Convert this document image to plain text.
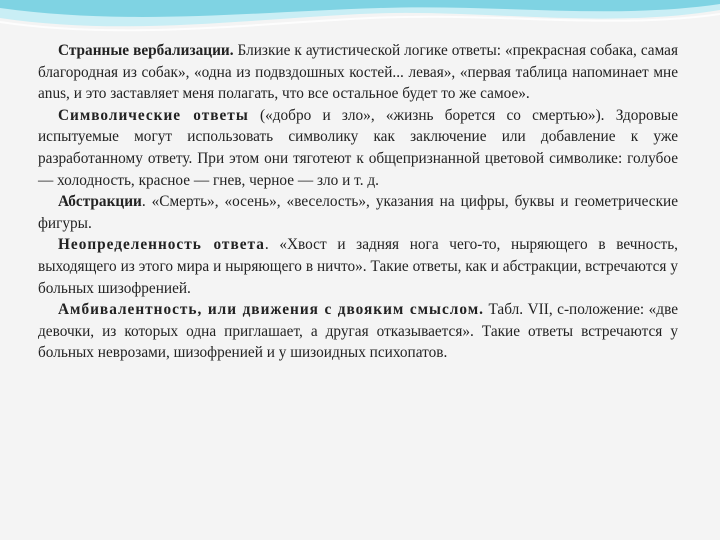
Странные вербализации. Близкие к аутистической логике ответы: «прекрасная собака, самая благородная из собак», «одна из подвздошных костей... левая», «первая таблица напоминает мне anus, и это заставляет меня полагать, что все остальное будет то же самое».

Символические ответы («добро и зло», «жизнь борется со смертью»). Здоровые испытуемые могут использовать символику как заключение или добавление к уже разработанному ответу. При этом они тяготеют к общепризнанной цветовой символике: голубое — холодность, красное — гнев, черное — зло и т. д.

Абстракции. «Смерть», «осень», «веселость», указания на цифры, буквы и геометрические фигуры.

Неопределенность ответа. «Хвост и задняя нога чего-то, ныряющего в вечность, выходящего из этого мира и ныряющего в ничто». Такие ответы, как и абстракции, встречаются у больных шизофренией.

Амбивалентность, или движения с двояким смыслом. Табл. VII, с-положение: «две девочки, из которых одна приглашает, а другая отказывается». Такие ответы встречаются у больных неврозами, шизофренией и у шизоидных психопатов.
